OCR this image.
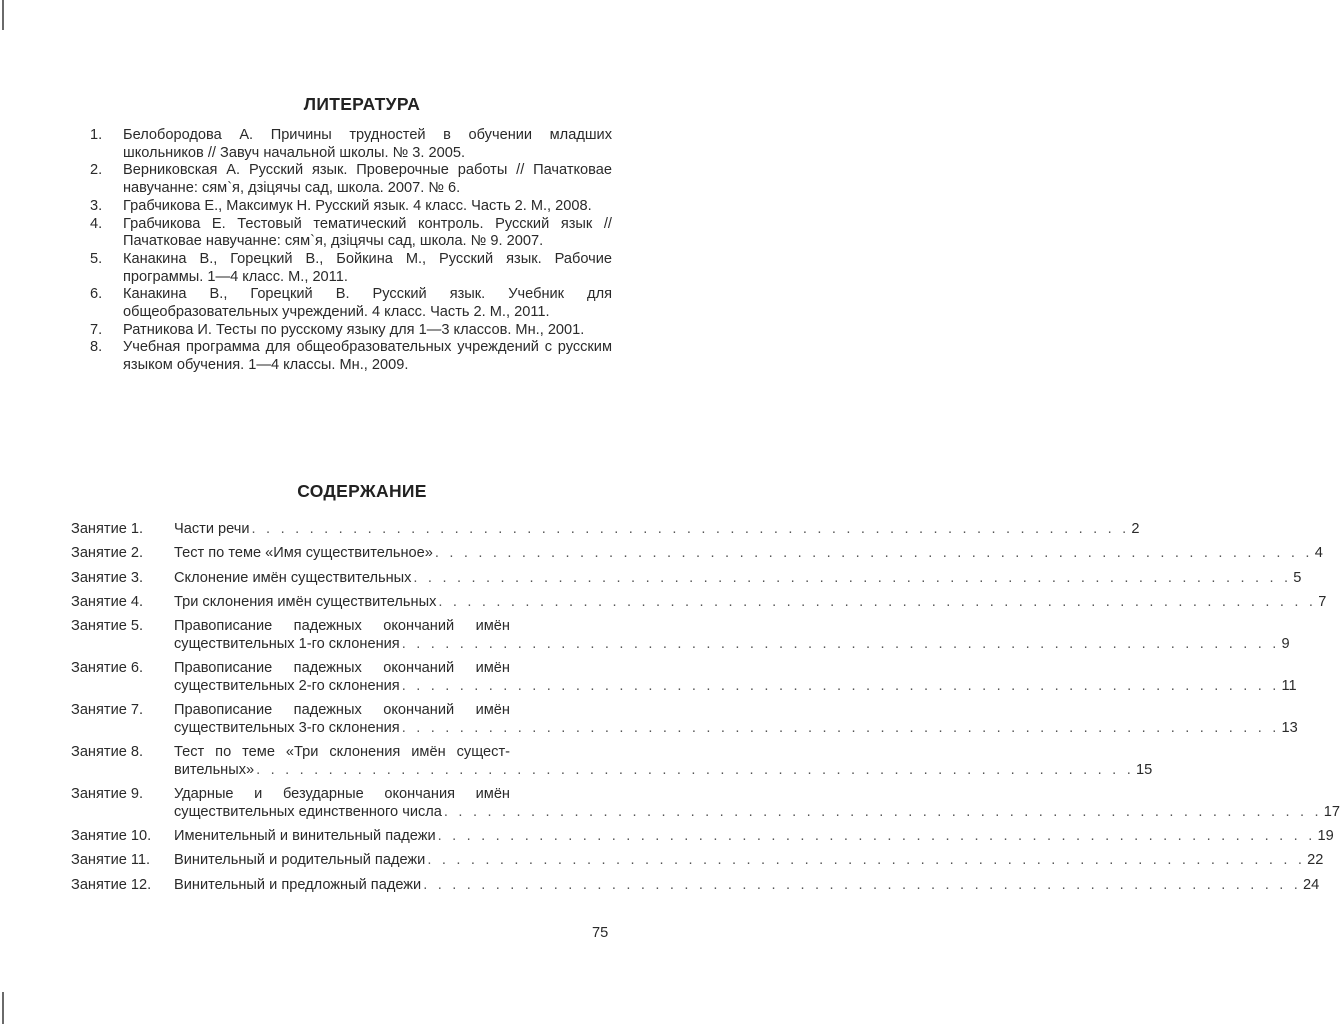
ЛИТЕРАТУРА
1. Белобородова А. Причины трудностей в обучении младших школьников // Завуч начальной школы. № 3. 2005.
2. Верниковская А. Русский язык. Проверочные работы // Пачатковае навучанне: сям`я, дзіцячы сад, школа. 2007. № 6.
3. Грабчикова Е., Максимук Н. Русский язык. 4 класс. Часть 2. М., 2008.
4. Грабчикова Е. Тестовый тематический контроль. Русский язык // Пачатковае навучанне: сям`я, дзіцячы сад, школа. № 9. 2007.
5. Канакина В., Горецкий В., Бойкина М., Русский язык. Рабочие программы. 1—4 класс. М., 2011.
6. Канакина В., Горецкий В. Русский язык. Учебник для общеобразовательных учреждений. 4 класс. Часть 2. М., 2011.
7. Ратникова И. Тесты по русскому языку для 1—3 классов. Мн., 2001.
8. Учебная программа для общеобразовательных учреждений с русским языком обучения. 1—4 классы. Мн., 2009.
СОДЕРЖАНИЕ
Занятие 1.	Части речи . . .	2
Занятие 2.	Тест по теме «Имя существительное» . . .	4
Занятие 3.	Склонение имён существительных . . .	5
Занятие 4.	Три склонения имён существительных . . .	7
Занятие 5.	Правописание падежных окончаний имён
существительных 1-го склонения . . .	9
Занятие 6.	Правописание падежных окончаний имён
существительных 2-го склонения . . .	11
Занятие 7.	Правописание падежных окончаний имён
существительных 3-го склонения . . .	13
Занятие 8.	Тест по теме «Три склонения имён сущест-
вительных» . . .	15
Занятие 9.	Ударные и безударные окончания имён
существительных единственного числа . . .	17
Занятие 10.	Именительный и винительный падежи . . .	19
Занятие 11.	Винительный и родительный падежи . . .	22
Занятие 12.	Винительный и предложный падежи . . .	24
75
